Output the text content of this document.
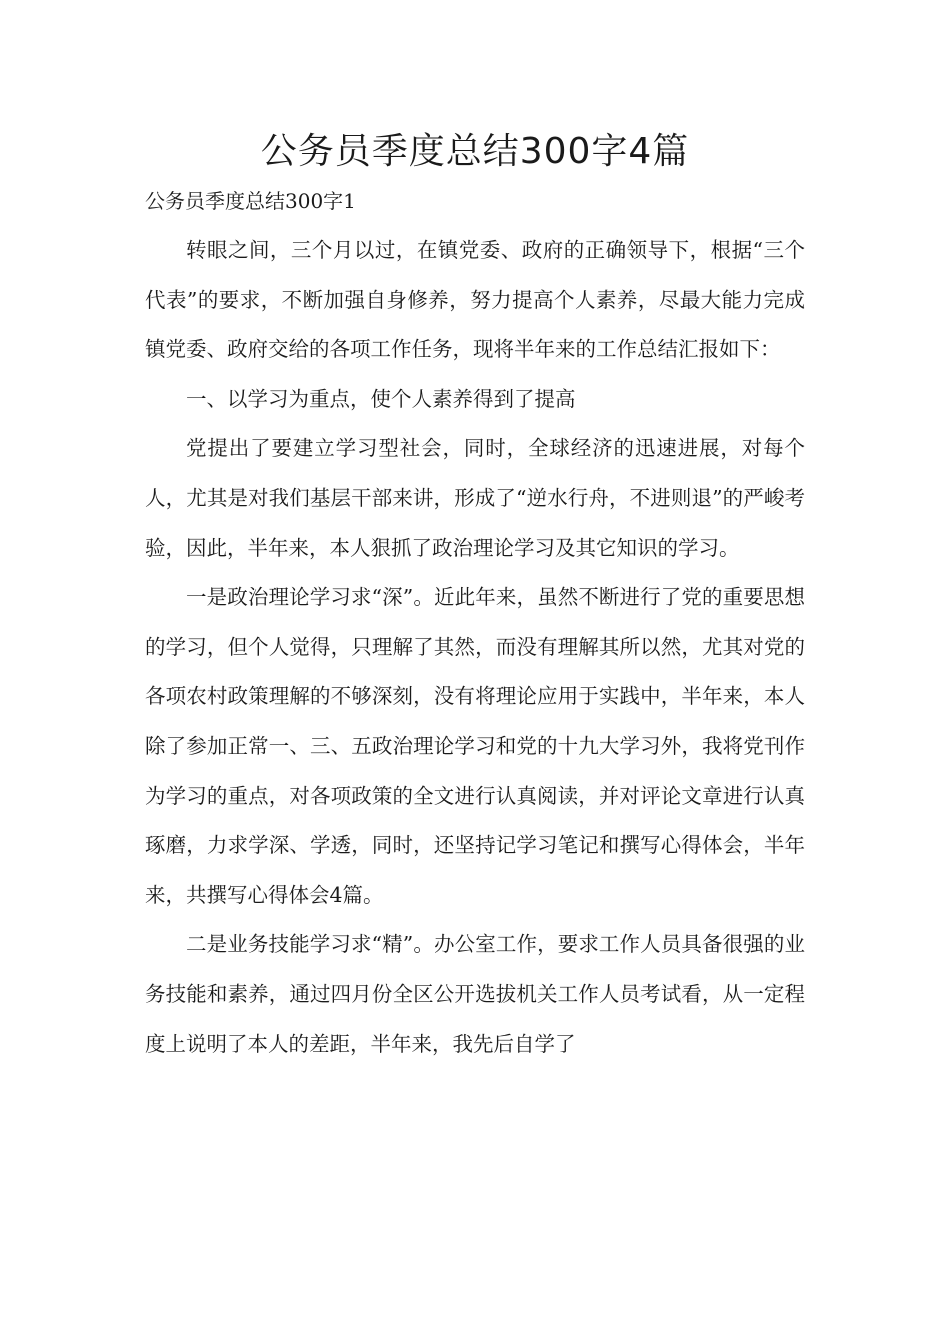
公务员季度总结300字4篇
公务员季度总结300字1

转眼之间，三个月以过，在镇党委、政府的正确领导下，根据“三个代表”的要求，不断加强自身修养，努力提高个人素养，尽最大能力完成镇党委、政府交给的各项工作任务，现将半年来的工作总结汇报如下：

一、以学习为重点，使个人素养得到了提高

党提出了要建立学习型社会，同时，全球经济的迅速进展，对每个人，尤其是对我们基层干部来讲，形成了“逆水行舟，不进则退”的严峻考验，因此，半年来，本人狠抓了政治理论学习及其它知识的学习。

一是政治理论学习求“深”。近此年来，虽然不断进行了党的重要思想的学习，但个人觉得，只理解了其然，而没有理解其所以然，尤其对党的各项农村政策理解的不够深刻，没有将理论应用于实践中，半年来，本人除了参加正常一、三、五政治理论学习和党的十九大学习外，我将党刊作为学习的重点，对各项政策的全文进行认真阅读，并对评论文章进行认真琢磨，力求学深、学透，同时，还坚持记学习笔记和撰写心得体会，半年来，共撰写心得体会4篇。

二是业务技能学习求“精”。办公室工作，要求工作人员具备很强的业务技能和素养，通过四月份全区公开选拔机关工作人员考试看，从一定程度上说明了本人的差距，半年来，我先后自学了
